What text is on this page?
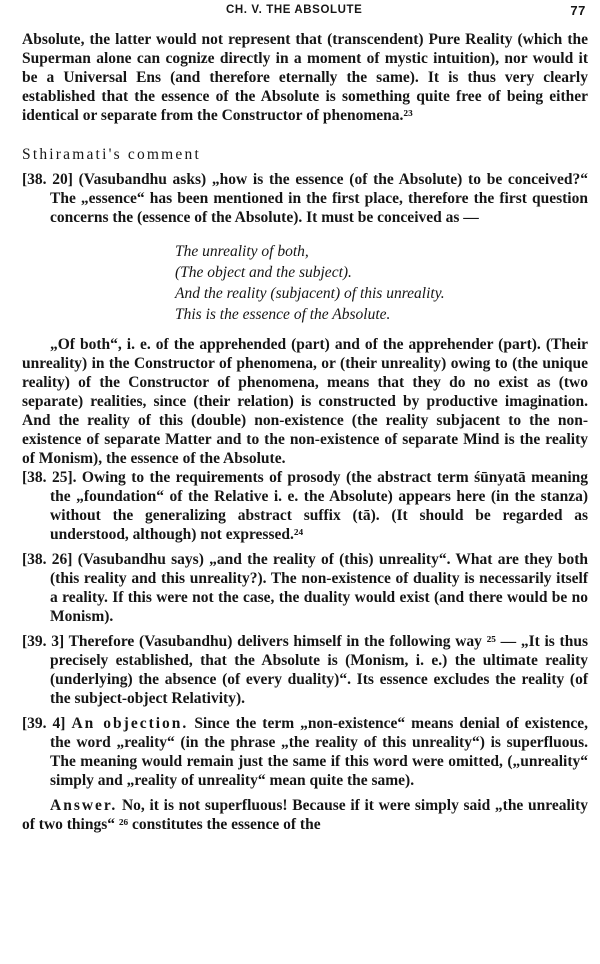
CH. V. THE ABSOLUTE	77

Absolute, the latter would not represent that (transcendent) Pure Reality (which the Superman alone can cognize directly in a moment of mystic intuition), nor would it be a Universal Ens (and therefore eternally the same). It is thus very clearly established that the essence of the Absolute is something quite free of being either identical or separate from the Constructor of phenomena.²³

Sthiramati's comment

[38. 20] (Vasubandhu asks) „how is the essence (of the Absolute) to be conceived?“ The „essence“ has been mentioned in the first place, therefore the first question concerns the (essence of the Absolute). It must be conceived as —

The unreality of both,
(The object and the subject).
And the reality (subjacent) of this unreality.
This is the essence of the Absolute.

„Of both“, i. e. of the apprehended (part) and of the apprehender (part). (Their unreality) in the Constructor of phenomena, or (their unreality) owing to (the unique reality) of the Constructor of phenomena, means that they do no exist as (two separate) realities, since (their relation) is constructed by productive imagination. And the reality of this (double) non-existence (the reality subjacent to the non-existence of separate Matter and to the non-existence of separate Mind is the reality of Monism), the essence of the Absolute.

[38. 25]. Owing to the requirements of prosody (the abstract term śūnyatā meaning the „foundation“ of the Relative i. e. the Absolute) appears here (in the stanza) without the generalizing abstract suffix (tā). (It should be regarded as understood, although) not expressed.²⁴

[38. 26] (Vasubandhu says) „and the reality of (this) unreality“. What are they both (this reality and this unreality?). The non-existence of duality is necessarily itself a reality. If this were not the case, the duality would exist (and there would be no Monism).

[39. 3] Therefore (Vasubandhu) delivers himself in the following way ²⁵ — „It is thus precisely established, that the Absolute is (Monism, i. e.) the ultimate reality (underlying) the absence (of every duality)“. Its essence excludes the reality (of the subject-object Relativity).

[39. 4] An objection. Since the term „non-existence“ means denial of existence, the word „reality“ (in the phrase „the reality of this unreality“) is superfluous. The meaning would remain just the same if this word were omitted, („unreality“ simply and „reality of unreality“ mean quite the same).

Answer. No, it is not superfluous! Because if it were simply said „the unreality of two things“ ²⁶ constitutes the essence of the
